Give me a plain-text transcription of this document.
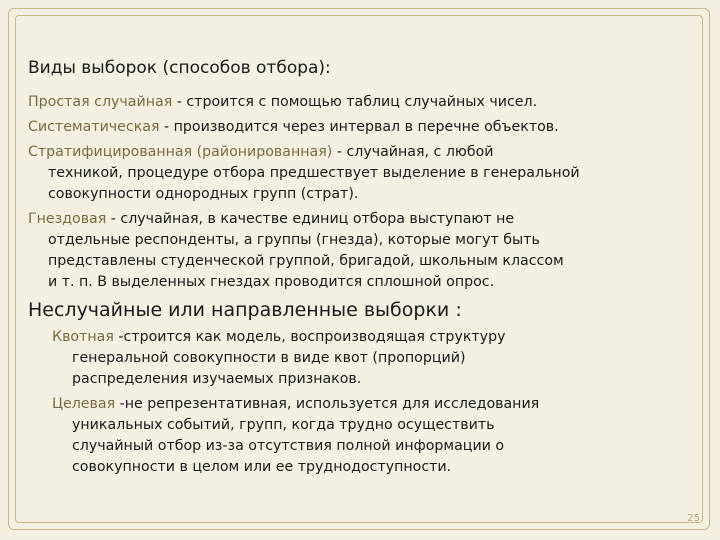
Виды выборок (способов отбора):
Простая случайная - строится с помощью таблиц случайных чисел.
Систематическая - производится через интервал в перечне объектов.
Стратифицированная (районированная) - случайная, с любой
техникой, процедуре отбора предшествует выделение в генеральной
совокупности однородных групп (страт).
Гнездовая - случайная, в качестве единиц отбора выступают не
отдельные респонденты, а группы (гнезда), которые могут быть
представлены студенческой группой, бригадой, школьным классом
и т. п. В выделенных гнездах проводится сплошной опрос.
Неслучайные или направленные выборки :
Квотная -строится как модель, воспроизводящая структуру
генеральной совокупности в виде квот (пропорций)
распределения изучаемых признаков.
Целевая -не репрезентативная, используется для исследования
уникальных событий, групп, когда трудно осуществить
случайный отбор из-за отсутствия полной информации о
совокупности в целом или ее труднодоступности.
25
